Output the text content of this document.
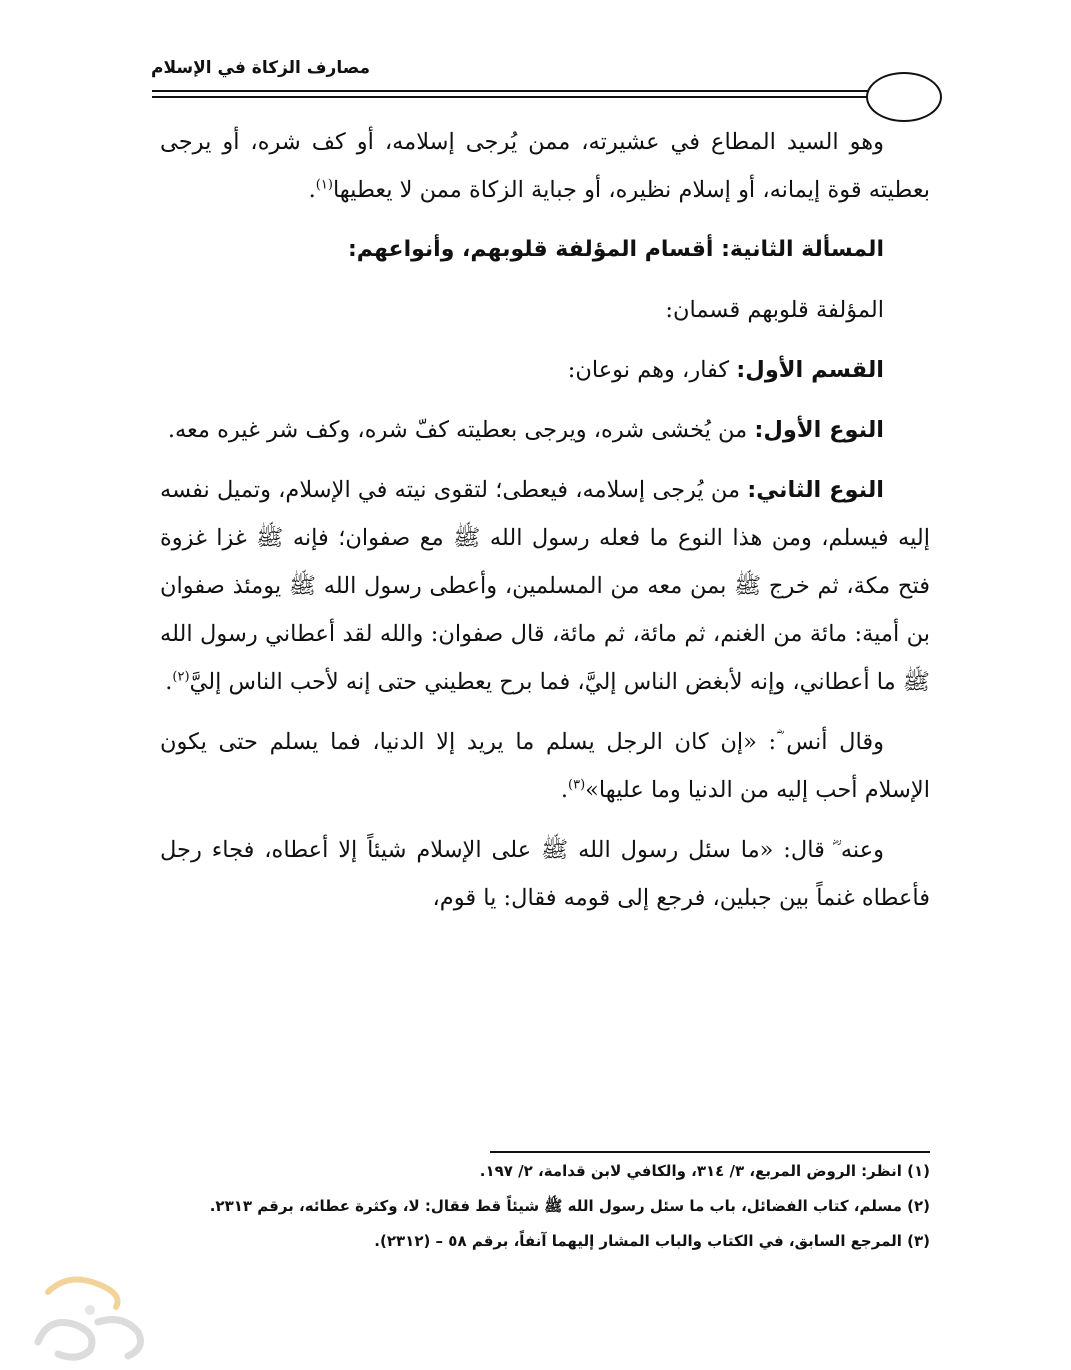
مصارف الزكاة في الإسلام

وهو السيد المطاع في عشيرته، ممن يُرجى إسلامه، أو كف شره، أو يرجى بعطيته قوة إيمانه، أو إسلام نظيره، أو جباية الزكاة ممن لا يعطيها$^{(١)}$.

المسألة الثانية: أقسام المؤلفة قلوبهم، وأنواعهم:

المؤلفة قلوبهم قسمان:

القسم الأول: كفار، وهم نوعان:

النوع الأول: من يُخشى شره، ويرجى بعطيته كفّ شره، وكف شر غيره معه.

النوع الثاني: من يُرجى إسلامه، فيعطى؛ لتقوى نيته في الإسلام، وتميل نفسه إليه فيسلم، ومن هذا النوع ما فعله رسول الله ﷺ مع صفوان؛ فإنه ﷺ غزا غزوة فتح مكة، ثم خرج ﷺ بمن معه من المسلمين، وأعطى رسول الله ﷺ يومئذ صفوان بن أمية: مائة من الغنم، ثم مائة، ثم مائة، قال صفوان: والله لقد أعطاني رسول الله ﷺ ما أعطاني، وإنه لأبغض الناس إليَّ، فما برح يعطيني حتى إنه لأحب الناس إليَّ$^{(٢)}$.

وقال أنس ؓ: «إن كان الرجل يسلم ما يريد إلا الدنيا، فما يسلم حتى يكون الإسلام أحب إليه من الدنيا وما عليها»$^{(٣)}$.

وعنه ؓ قال: «ما سئل رسول الله ﷺ على الإسلام شيئاً إلا أعطاه، فجاء رجل فأعطاه غنماً بين جبلين، فرجع إلى قومه فقال: يا قوم،

(١) انظر: الروض المربع، ٣/ ٣١٤، والكافي لابن قدامة، ٢/ ١٩٧.

(٢) مسلم، كتاب الفضائل، باب ما سئل رسول الله ﷺ شيئاً قط فقال: لا، وكثرة عطائه، برقم ٢٣١٣.

(٣) المرجع السابق، في الكتاب والباب المشار إليهما آنفاً، برقم ٥٨ – (٢٣١٢).
